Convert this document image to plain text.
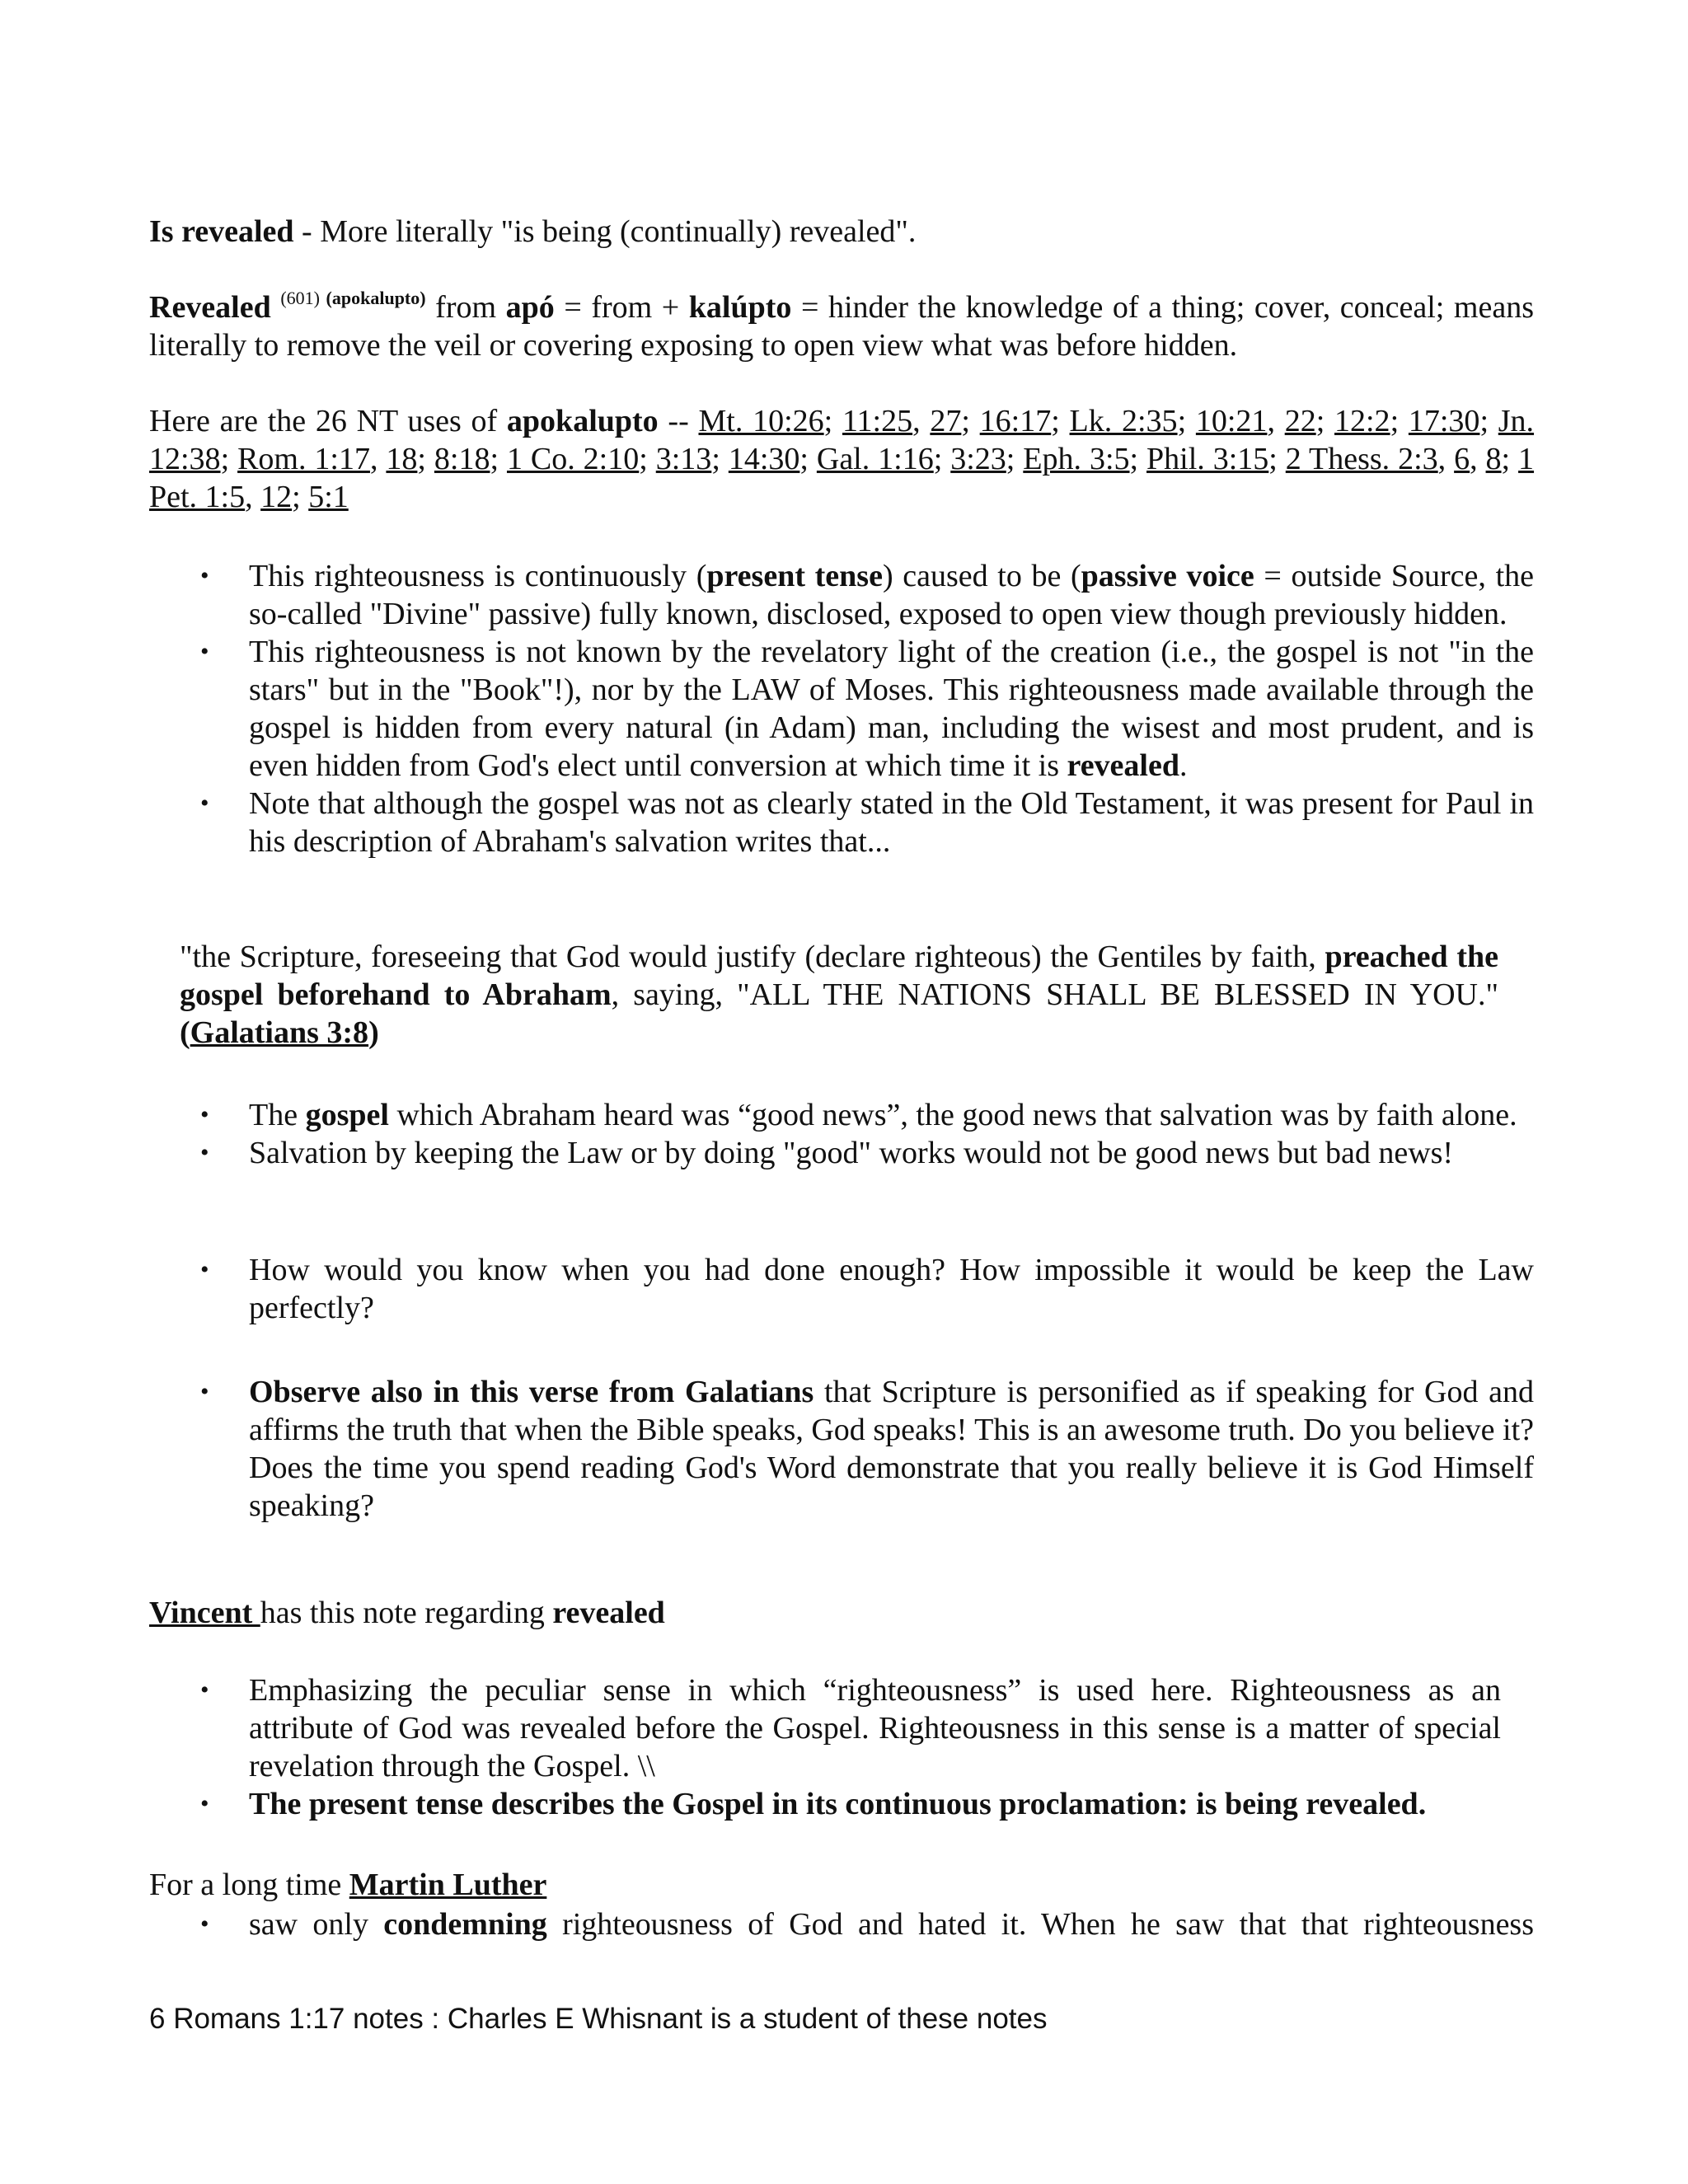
Is revealed - More literally "is being (continually) revealed".
Revealed $^{(601) (apokalupto)}$ from apó = from + kalúpto = hinder the knowledge of a thing; cover, conceal; means literally to remove the veil or covering exposing to open view what was before hidden.
Here are the 26 NT uses of apokalupto -- Mt. 10:26; 11:25, 27; 16:17; Lk. 2:35; 10:21, 22; 12:2; 17:30; Jn. 12:38; Rom. 1:17, 18; 8:18; 1 Co. 2:10; 3:13; 14:30; Gal. 1:16; 3:23; Eph. 3:5; Phil. 3:15; 2 Thess. 2:3, 6, 8; 1 Pet. 1:5, 12; 5:1
• This righteousness is continuously (present tense) caused to be (passive voice = outside Source, the so-called "Divine" passive) fully known, disclosed, exposed to open view though previously hidden.
• This righteousness is not known by the revelatory light of the creation (i.e., the gospel is not "in the stars" but in the "Book"!), nor by the LAW of Moses. This righteousness made available through the gospel is hidden from every natural (in Adam) man, including the wisest and most prudent, and is even hidden from God's elect until conversion at which time it is revealed.
• Note that although the gospel was not as clearly stated in the Old Testament, it was present for Paul in his description of Abraham's salvation writes that...
"the Scripture, foreseeing that God would justify (declare righteous) the Gentiles by faith, preached the gospel beforehand to Abraham, saying, "ALL THE NATIONS SHALL BE BLESSED IN YOU." (Galatians 3:8)
• The gospel which Abraham heard was “good news”, the good news that salvation was by faith alone.
• Salvation by keeping the Law or by doing "good" works would not be good news but bad news!
• How would you know when you had done enough? How impossible it would be keep the Law perfectly?
• Observe also in this verse from Galatians that Scripture is personified as if speaking for God and affirms the truth that when the Bible speaks, God speaks! This is an awesome truth. Do you believe it? Does the time you spend reading God's Word demonstrate that you really believe it is God Himself speaking?
Vincent has this note regarding revealed
• Emphasizing the peculiar sense in which “righteousness” is used here. Righteousness as an attribute of God was revealed before the Gospel. Righteousness in this sense is a matter of special revelation through the Gospel. \\
• The present tense describes the Gospel in its continuous proclamation: is being revealed.
For a long time Martin Luther
• saw only condemning righteousness of God and hated it. When he saw that that righteousness
6 Romans 1:17 notes : Charles E Whisnant is a student of these notes
